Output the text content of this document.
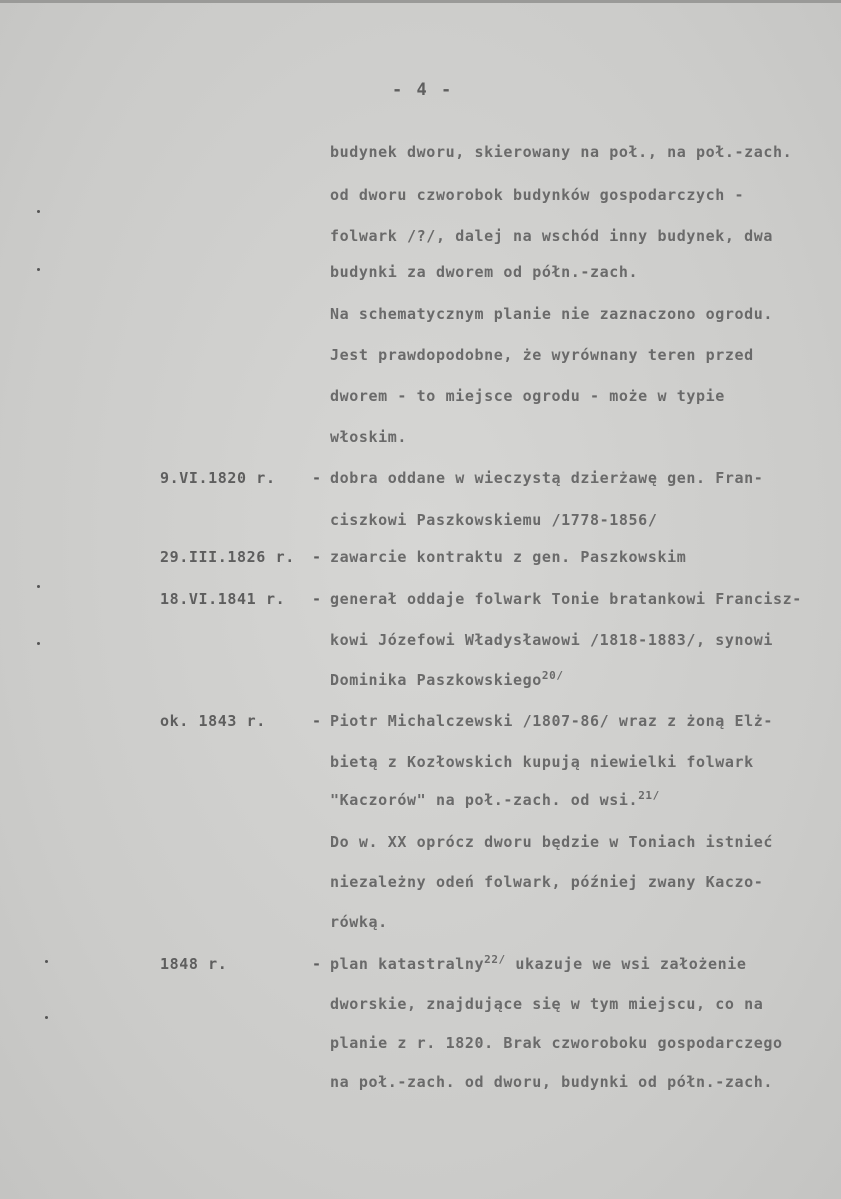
- 4 -
budynek dworu, skierowany na poł., na poł.-zach.
od dworu czworobok budynków gospodarczych -
folwark /?/, dalej na wschód inny budynek, dwa
budynki za dworem od półn.-zach.
Na schematycznym planie nie zaznaczono ogrodu.
Jest prawdopodobne, że wyrównany teren przed
dworem - to miejsce ogrodu - może w typie
włoskim.
9.VI.1820 r. - dobra oddane w wieczystą dzierżawę gen. Fran-
ciszkowi Paszkowskiemu /1778-1856/
29.III.1826 r. - zawarcie kontraktu z gen. Paszkowskim
18.VI.1841 r. - generał oddaje folwark Tonie bratankowi Francisz-
kowi Józefowi Władysławowi /1818-1883/, synowi
Dominika Paszkowskiego$^{20/}$
ok. 1843 r.	- Piotr Michalczewski /1807-86/ wraz z żoną Elż-
bietą z Kozłowskich kupują niewielki folwark
"Kaczorów" na poł.-zach. od wsi.$^{21/}$
Do w. XX oprócz dworu będzie w Toniach istnieć
niezależny odeń folwark, później zwany Kaczo-
rówką.
1848 r.	- plan katastralny$^{22/}$ ukazuje we wsi założenie
dworskie, znajdujące się w tym miejscu, co na
planie z r. 1820. Brak czworoboku gospodarczego
na poł.-zach. od dworu, budynki od półn.-zach.
